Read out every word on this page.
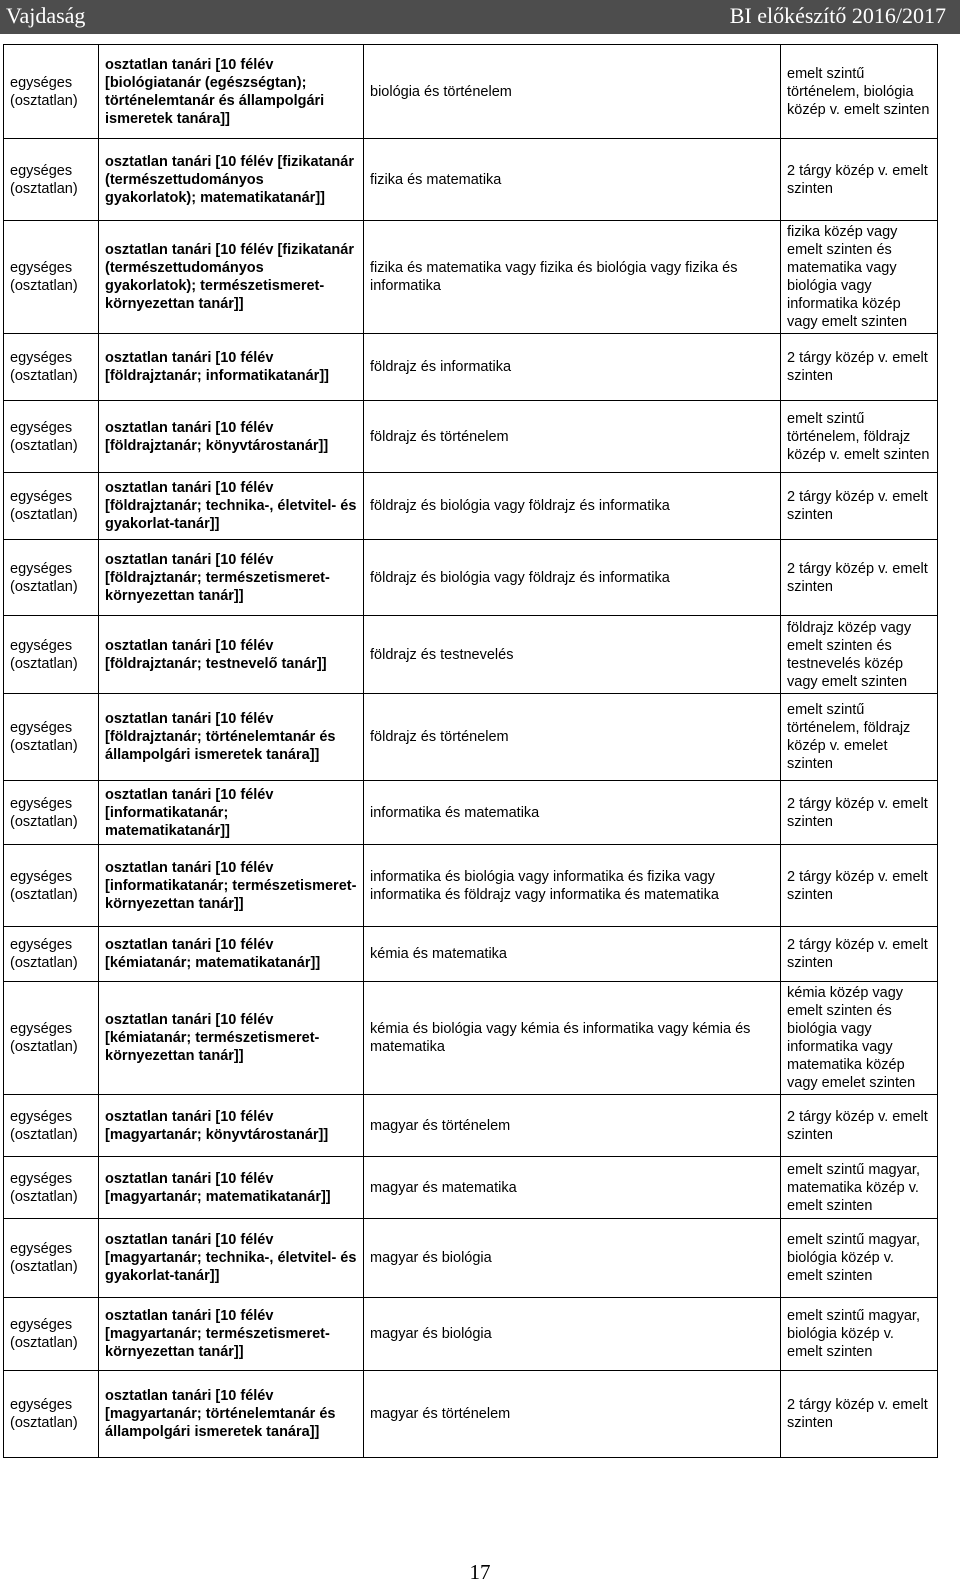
Vajdaság	BI előkészítő 2016/2017
egységes (osztatlan)	osztatlan tanári [10 félév [biológiatanár (egészségtan); történelemtanár és állampolgári ismeretek tanára]]	biológia és történelem	emelt szintű történelem, biológia közép v. emelt szinten
egységes (osztatlan)	osztatlan tanári [10 félév [fizikatanár (természettudományos gyakorlatok); matematikatanár]]	fizika és matematika	2 tárgy közép v. emelt szinten
egységes (osztatlan)	osztatlan tanári [10 félév [fizikatanár (természettudományos gyakorlatok); természetismeret-környezettan tanár]]	fizika és matematika vagy fizika és biológia vagy fizika és informatika	fizika közép vagy emelt szinten és matematika vagy biológia vagy informatika közép vagy emelt szinten
egységes (osztatlan)	osztatlan tanári [10 félév [földrajztanár; informatikatanár]]	földrajz és informatika	2 tárgy közép v. emelt szinten
egységes (osztatlan)	osztatlan tanári [10 félév [földrajztanár; könyvtárostanár]]	földrajz és történelem	emelt szintű történelem, földrajz közép v. emelt szinten
egységes (osztatlan)	osztatlan tanári [10 félév [földrajztanár; technika-, életvitel- és gyakorlat-tanár]]	földrajz és biológia vagy földrajz és informatika	2 tárgy közép v. emelt szinten
egységes (osztatlan)	osztatlan tanári [10 félév [földrajztanár; természetismeret-környezettan tanár]]	földrajz és biológia vagy földrajz és informatika	2 tárgy közép v. emelt szinten
egységes (osztatlan)	osztatlan tanári [10 félév [földrajztanár; testnevelő tanár]]	földrajz és testnevelés	földrajz közép vagy emelt szinten és testnevelés közép vagy emelt szinten
egységes (osztatlan)	osztatlan tanári [10 félév [földrajztanár; történelemtanár és állampolgári ismeretek tanára]]	földrajz és történelem	emelt szintű történelem, földrajz közép v. emelet szinten
egységes (osztatlan)	osztatlan tanári [10 félév [informatikatanár; matematikatanár]]	informatika és matematika	2 tárgy közép v. emelt szinten
egységes (osztatlan)	osztatlan tanári [10 félév [informatikatanár; természetismeret-környezettan tanár]]	informatika és biológia vagy informatika és fizika vagy informatika és földrajz vagy informatika és matematika	2 tárgy közép v. emelt szinten
egységes (osztatlan)	osztatlan tanári [10 félév [kémiatanár; matematikatanár]]	kémia és matematika	2 tárgy közép v. emelt szinten
egységes (osztatlan)	osztatlan tanári [10 félév [kémiatanár; természetismeret-környezettan tanár]]	kémia és biológia vagy kémia és informatika vagy kémia és matematika	kémia közép vagy emelt szinten és biológia vagy informatika vagy matematika közép vagy emelet szinten
egységes (osztatlan)	osztatlan tanári [10 félév [magyartanár; könyvtárostanár]]	magyar és történelem	2 tárgy közép v. emelt szinten
egységes (osztatlan)	osztatlan tanári [10 félév [magyartanár; matematikatanár]]	magyar és matematika	emelt szintű magyar, matematika közép v. emelt szinten
egységes (osztatlan)	osztatlan tanári [10 félév [magyartanár; technika-, életvitel- és gyakorlat-tanár]]	magyar és biológia	emelt szintű magyar, biológia közép v. emelt szinten
egységes (osztatlan)	osztatlan tanári [10 félév [magyartanár; természetismeret-környezettan tanár]]	magyar és biológia	emelt szintű magyar, biológia közép v. emelt szinten
egységes (osztatlan)	osztatlan tanári [10 félév [magyartanár; történelemtanár és állampolgári ismeretek tanára]]	magyar és történelem	2 tárgy közép v. emelt szinten
17
